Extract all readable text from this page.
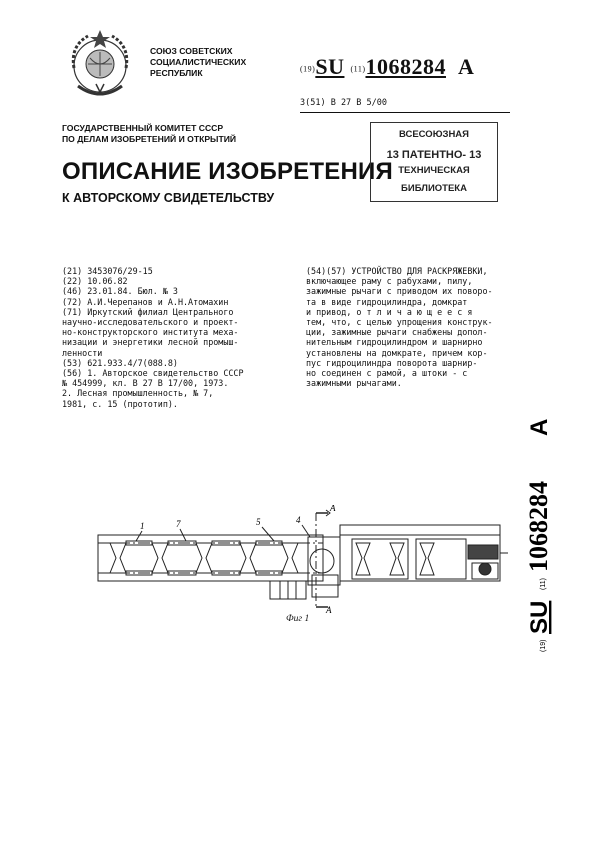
СОЮЗ СОВЕТСКИХ
СОЦИАЛИСТИЧЕСКИХ
РЕСПУБЛИК	(19)SU (11)1068284 A
3(51) В 27 В 5/00
ГОСУДАРСТВЕННЫЙ КОМИТЕТ СССР
ПО ДЕЛАМ ИЗОБРЕТЕНИЙ И ОТКРЫТИЙ
ОПИСАНИЕ ИЗОБРЕТЕНИЯ
К АВТОРСКОМУ СВИДЕТЕЛЬСТВУ
ВСЕСОЮЗНАЯ
13 ПАТЕНТНО- 13
ТЕХНИЧЕСКАЯ
БИБЛИОТЕКА
(21) 3453076/29-15
(22) 10.06.82
(46) 23.01.84. Бюл. № 3
(72) А.И.Черепанов и А.Н.Атомахин
(71) Иркутский филиал Центрального
научно-исследовательского и проект-
но-конструкторского института меха-
низации и энергетики лесной промыш-
ленности
(53) 621.933.4/7(088.8)
(56) 1. Авторское свидетельство СССР
№ 454999, кл. В 27 В 17/00, 1973.
2. Лесная промышленность, № 7,
1981, с. 15 (прототип).
(54)(57) УСТРОЙСТВО ДЛЯ РАСКРЯЖЕВКИ,
включающее раму с рабухами, пилу,
зажимные рычаги с приводом их поворо-
та в виде гидроцилиндра, домкрат
и привод, о т л и ч а ю щ е е с я
тем, что, с целью упрощения конструк-
ции, зажимные рычаги снабжены допол-
нительным гидроцилиндром и шарнирно
установлены на домкрате, причем кор-
пус гидроцилиндра поворота шарнир-
но соединен с рамой, а штоки - с
зажимными рычагами.
(19)
SU
(11)
1068284
A
1	7	5	4
А
А
Фиг 1
